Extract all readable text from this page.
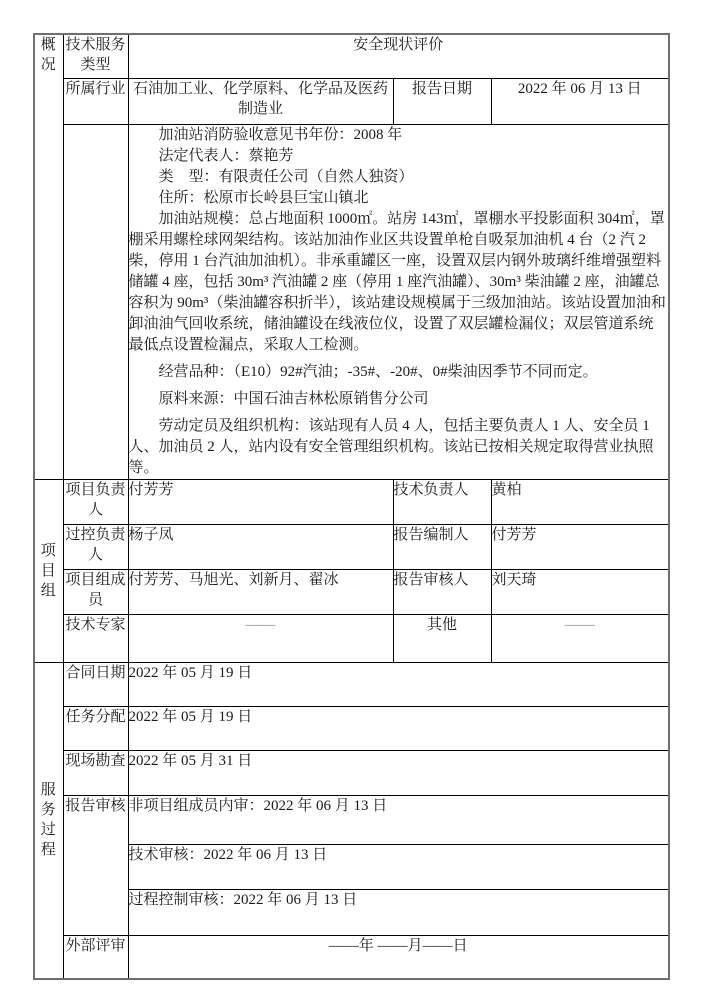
概况	技术服务类型	安全现状评价		
	所属行业	石油加工业、化学原料、化学品及医药制造业	报告日期	2022 年 06 月 13 日

加油站消防验收意见书年份：2008 年

法定代表人：蔡艳芳

类　型：有限责任公司（自然人独资）

住所：松原市长岭县巨宝山镇北

加油站规模：总占地面积 1000㎡。站房 143㎡，罩棚水平投影面积 304㎡，罩棚采用螺栓球网架结构。该站加油作业区共设置单枪自吸泵加油机 4 台（2 汽 2 柴，停用 1 台汽油加油机）。非承重罐区一座，设置双层内钢外玻璃纤维增强塑料储罐 4 座，包括 30m³ 汽油罐 2 座（停用 1 座汽油罐）、30m³ 柴油罐 2 座，油罐总容积为 90m³（柴油罐容积折半），该站建设规模属于三级加油站。该站设置加油和卸油油气回收系统，储油罐设在线液位仪，设置了双层罐检漏仪；双层管道系统最低点设置检漏点，采取人工检测。

经营品种：（E10）92#汽油；-35#、-20#、0#柴油因季节不同而定。

原料来源：中国石油吉林松原销售分公司

劳动定员及组织机构：该站现有人员 4 人，包括主要负责人 1 人、安全员 1 人、加油员 2 人，站内设有安全管理组织机构。该站已按相关规定取得营业执照等。

项目组	项目负责人	付芳芳	技术负责人	黄柏
	过控负责人	杨子凤	报告编制人	付芳芳
	项目组成员	付芳芳、马旭光、刘新月、翟冰	报告审核人	刘天琦
	技术专家	——	其他	——
服务过程	合同日期	2022 年 05 月 19 日		
	任务分配	2022 年 05 月 19 日		
	现场勘查	2022 年 05 月 31 日		
	报告审核	非项目组成员内审：2022 年 06 月 13 日		
		技术审核：2022 年 06 月 13 日		
		过程控制审核：2022 年 06 月 13 日		
	外部评审	——年 ——月——日		
